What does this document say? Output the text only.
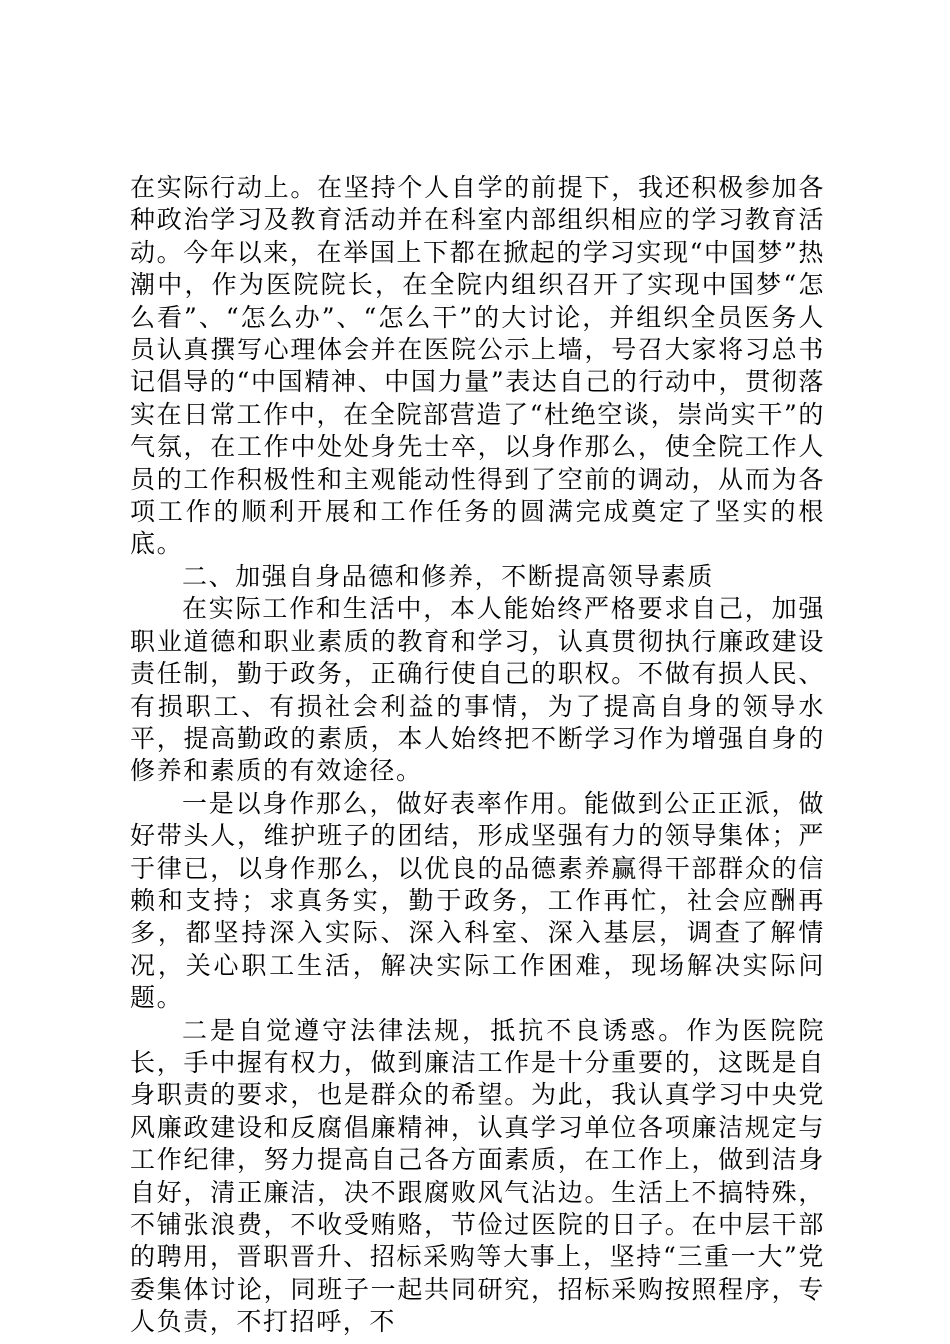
在实际行动上。在坚持个人自学的前提下，我还积极参加各种政治学习及教育活动并在科室内部组织相应的学习教育活动。今年以来，在举国上下都在掀起的学习实现“中国梦”热潮中，作为医院院长，在全院内组织召开了实现中国梦“怎么看”、“怎么办”、“怎么干”的大讨论，并组织全员医务人员认真撰写心理体会并在医院公示上墙，号召大家将习总书记倡导的“中国精神、中国力量”表达自己的行动中，贯彻落实在日常工作中，在全院部营造了“杜绝空谈，崇尚实干”的气氛，在工作中处处身先士卒，以身作那么，使全院工作人员的工作积极性和主观能动性得到了空前的调动，从而为各项工作的顺利开展和工作任务的圆满完成奠定了坚实的根底。

二、加强自身品德和修养，不断提高领导素质

在实际工作和生活中，本人能始终严格要求自己，加强职业道德和职业素质的教育和学习，认真贯彻执行廉政建设责任制，勤于政务，正确行使自己的职权。不做有损人民、有损职工、有损社会利益的事情，为了提高自身的领导水平，提高勤政的素质，本人始终把不断学习作为增强自身的修养和素质的有效途径。

一是以身作那么，做好表率作用。能做到公正正派，做好带头人，维护班子的团结，形成坚强有力的领导集体；严于律已，以身作那么，以优良的品德素养赢得干部群众的信赖和支持；求真务实，勤于政务，工作再忙，社会应酬再多，都坚持深入实际、深入科室、深入基层，调查了解情况，关心职工生活，解决实际工作困难，现场解决实际问题。

二是自觉遵守法律法规，抵抗不良诱惑。作为医院院长，手中握有权力，做到廉洁工作是十分重要的，这既是自身职责的要求，也是群众的希望。为此，我认真学习中央党风廉政建设和反腐倡廉精神，认真学习单位各项廉洁规定与工作纪律，努力提高自己各方面素质，在工作上，做到洁身自好，清正廉洁，决不跟腐败风气沾边。生活上不搞特殊，不铺张浪费，不收受贿赂，节俭过医院的日子。在中层干部的聘用，晋职晋升、招标采购等大事上，坚持“三重一大”党委集体讨论，同班子一起共同研究，招标采购按照程序，专人负责，不打招呼，不
